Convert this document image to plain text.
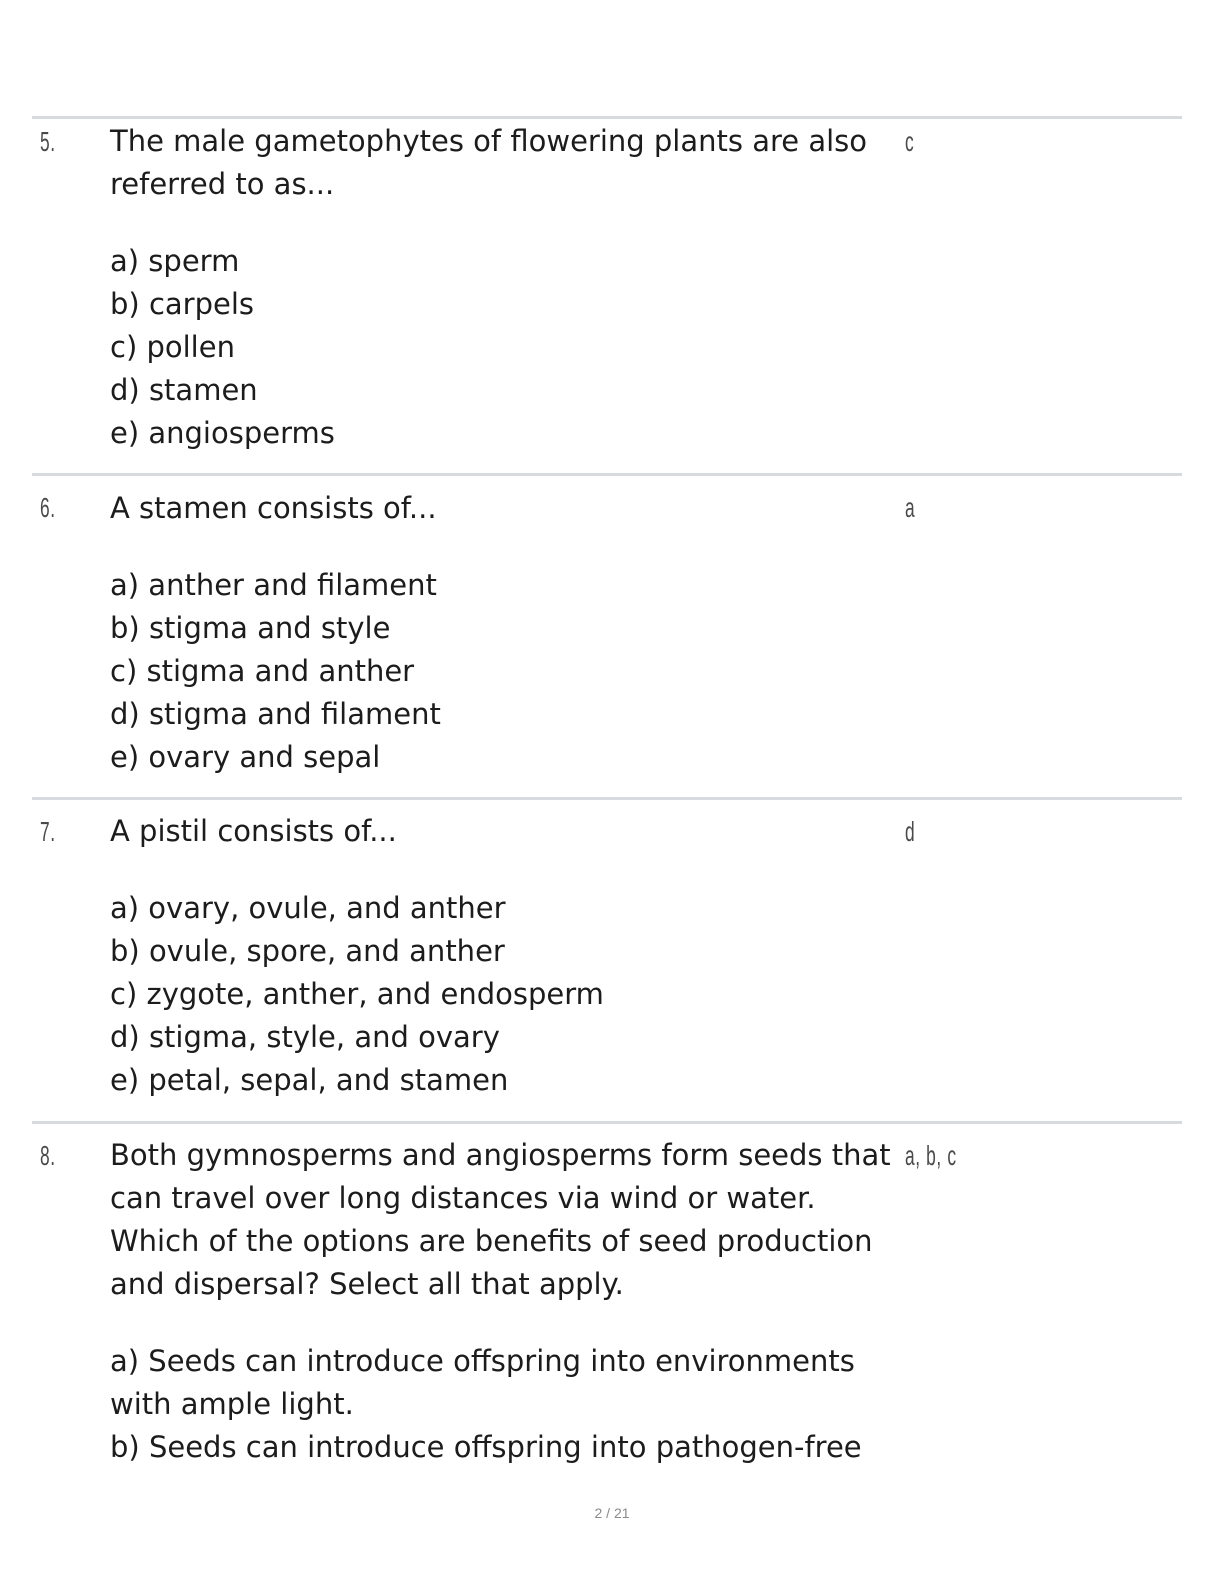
5. The male gametophytes of flowering plants are also referred to as...
a) sperm
b) carpels
c) pollen
d) stamen
e) angiosperms
c
6. A stamen consists of...
a) anther and filament
b) stigma and style
c) stigma and anther
d) stigma and filament
e) ovary and sepal
a
7. A pistil consists of...
a) ovary, ovule, and anther
b) ovule, spore, and anther
c) zygote, anther, and endosperm
d) stigma, style, and ovary
e) petal, sepal, and stamen
d
8. Both gymnosperms and angiosperms form seeds that can travel over long distances via wind or water. Which of the options are benefits of seed production and dispersal? Select all that apply.
a) Seeds can introduce offspring into environments with ample light.
b) Seeds can introduce offspring into pathogen-free
a, b, c
2 / 21
